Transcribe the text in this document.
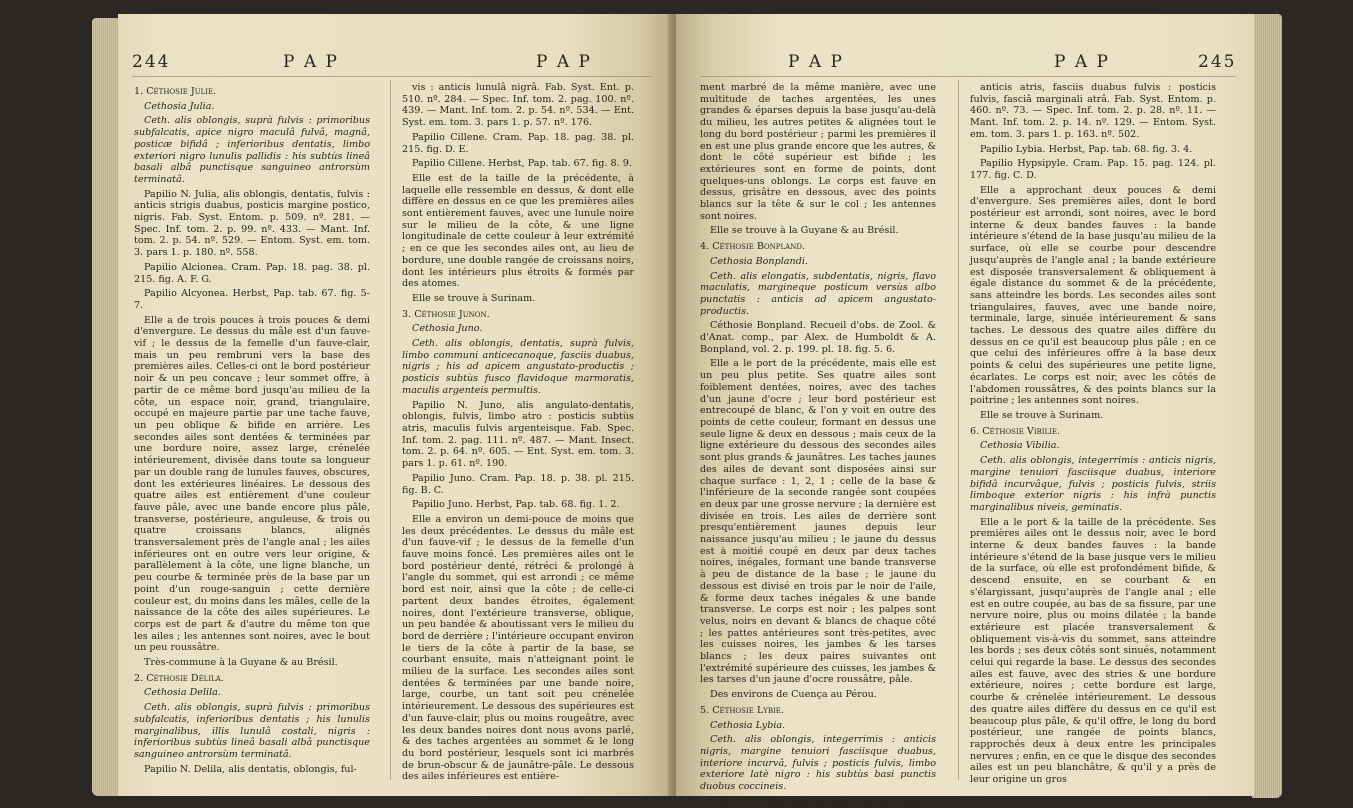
244	P A P	P A P

1. Céthosie Julie.

Cethosia Julia.

Ceth. alis oblongis, suprà fulvis : primoribus subfalcatis, apice nigro maculâ fulvâ, magnâ, posticæ bifidâ ; inferioribus dentatis, limbo exteriori nigro lunulis pallidis : his subtùs lineâ basali albâ punctisque sanguineo antrorsùm terminatâ.

Papilio N. Julia, alis oblongis, dentatis, fulvis : anticis strigis duabus, posticis margine postico, nigris. Fab. Syst. Entom. p. 509. nº. 281. — Spec. Inf. tom. 2. p. 99. nº. 433. — Mant. Inf. tom. 2. p. 54. nº. 529. — Entom. Syst. em. tom. 3. pars 1. p. 180. nº. 558.

Papilio Alcionea. Cram. Pap. 18. pag. 38. pl. 215. fig. A. F. G.

Papilio Alcyonea. Herbst, Pap. tab. 67. fig. 5-7.

Elle a de trois pouces à trois pouces & demi d'envergure. Le dessus du mâle est d'un fauve-vif ; le dessus de la femelle d'un fauve-clair, mais un peu rembruni vers la base des premières ailes. Celles-ci ont le bord postérieur noir & un peu concave ; leur sommet offre, à partir de ce même bord jusqu'au milieu de la côte, un espace noir, grand, triangulaire, occupé en majeure partie par une tache fauve, un peu oblique & bifide en arrière. Les secondes ailes sont dentées & terminées par une bordure noire, assez large, crénelée intérieurement, divisée dans toute sa longueur par un double rang de lunules fauves, obscures, dont les extérieures linéaires. Le dessous des quatre ailes est entièrement d'une couleur fauve pâle, avec une bande encore plus pâle, transverse, postérieure, anguleuse, & trois ou quatre croissans blancs, alignés transversalement près de l'angle anal ; les ailes inférieures ont en outre vers leur origine, & parallèlement à la côte, une ligne blanche, un peu courbe & terminée près de la base par un point d'un rouge-sanguin ; cette dernière couleur est, du moins dans les mâles, celle de la naissance de la côte des ailes supérieures. Le corps est de part & d'autre du même ton que les ailes ; les antennes sont noires, avec le bout un peu roussâtre.

Très-commune à la Guyane & au Brésil.

2. Céthosie Délila.

Cethosia Delila.

Ceth. alis oblongis, suprà fulvis : primoribus subfalcatis, inferioribus dentatis ; his lunulis marginalibus, illis lunulâ costali, nigris : inferioribus subtùs lineâ basali albâ punctisque sanguineo antrorsùm terminatâ.

Papilio N. Delila, alis dentatis, oblongis, ful-

vis : anticis lunulâ nigrâ. Fab. Syst. Ent. p. 510. nº. 284. — Spec. Inf. tom. 2. pag. 100. nº. 439. — Mant. Inf. tom. 2. p. 54. nº. 534. — Ent. Syst. em. tom. 3. pars 1. p. 57. nº. 176.

Papilio Cillene. Cram. Pap. 18. pag. 38. pl. 215. fig. D. E.

Papilio Cillene. Herbst, Pap. tab. 67. fig. 8. 9.

Elle est de la taille de la précédente, à laquelle elle ressemble en dessus, & dont elle diffère en dessus en ce que les premières ailes sont entièrement fauves, avec une lunule noire sur le milieu de la côte, & une ligne longitudinale de cette couleur à leur extrémité ; en ce que les secondes ailes ont, au lieu de bordure, une double rangée de croissans noirs, dont les intérieurs plus étroits & formés par des atomes.

Elle se trouve à Surinam.

3. Céthosie Junon.

Cethosia Juno.

Ceth. alis oblongis, dentatis, suprà fulvis, limbo communi anticecanoque, fasciis duabus, nigris ; his ad apicem angustato-productis ; posticis subtùs fusco flavidoque marmoratis, maculis argenteis permultis.

Papilio N. Juno, alis angulato-dentatis, oblongis, fulvis, limbo atro : posticis subtùs atris, maculis fulvis argenteisque. Fab. Spec. Inf. tom. 2. pag. 111. nº. 487. — Mant. Insect. tom. 2. p. 64. nº. 605. — Ent. Syst. em. tom. 3. pars 1. p. 61. nº. 190.

Papilio Juno. Cram. Pap. 18. p. 38. pl. 215. fig. B. C.

Papilio Juno. Herbst, Pap. tab. 68. fig. 1. 2.

Elle a environ un demi-pouce de moins que les deux précédentes. Le dessus du mâle est d'un fauve-vif ; le dessus de la femelle d'un fauve moins foncé. Les premières ailes ont le bord postérieur denté, rétréci & prolongé à l'angle du sommet, qui est arrondi ; ce même bord est noir, ainsi que la côte ; de celle-ci partent deux bandes étroites, également noires, dont l'extérieure transverse, oblique, un peu bandée & aboutissant vers le milieu du bord de derrière ; l'intérieure occupant environ le tiers de la côte à partir de la base, se courbant ensuite, mais n'atteignant point le milieu de la surface. Les secondes ailes sont dentées & terminées par une bande noire, large, courbe, un tant soit peu crénelée intérieurement. Le dessous des supérieures est d'un fauve-clair, plus ou moins rougeâtre, avec les deux bandes noires dont nous avons parlé, & des taches argentées au sommet & le long du bord postérieur, lesquels sont ici marbrés de brun-obscur & de jaunâtre-pâle. Le dessous des ailes inférieures est entière-

P A P	P A P	245

ment marbré de la même manière, avec une multitude de taches argentées, les unes grandes & éparses depuis la base jusqu'au-delà du milieu, les autres petites & alignées tout le long du bord postérieur ; parmi les premières il en est une plus grande encore que les autres, & dont le côté supérieur est bifide ; les extérieures sont en forme de points, dont quelques-uns oblongs. Le corps est fauve en dessus, grisâtre en dessous, avec des points blancs sur la tête & sur le col ; les antennes sont noires.

Elle se trouve à la Guyane & au Brésil.

4. Céthosie Bonpland.

Cethosia Bonplandi.

Ceth. alis elongatis, subdentatis, nigris, flavo maculatis, margineque posticum versùs albo punctatis : anticis ad apicem angustato-productis.

Céthosie Bonpland. Recueil d'obs. de Zool. & d'Anat. comp., par Alex. de Humboldt & A. Bonpland, vol. 2. p. 199. pl. 18. fig. 5. 6.

Elle a le port de la précédente, mais elle est un peu plus petite. Ses quatre ailes sont foiblement dentées, noires, avec des taches d'un jaune d'ocre ; leur bord postérieur est entrecoupé de blanc, & l'on y voit en outre des points de cette couleur, formant en dessus une seule ligne & deux en dessous ; mais ceux de la ligne extérieure du dessous des secondes ailes sont plus grands & jaunâtres. Les taches jaunes des ailes de devant sont disposées ainsi sur chaque surface : 1, 2, 1 ; celle de la base & l'inférieure de la seconde rangée sont coupées en deux par une grosse nervure ; la dernière est divisée en trois. Les ailes de derrière sont presqu'entièrement jaunes depuis leur naissance jusqu'au milieu ; le jaune du dessus est à moitié coupé en deux par deux taches noires, inégales, formant une bande transverse à peu de distance de la base ; le jaune du dessous est divisé en trois par le noir de l'aile, & forme deux taches inégales & une bande transverse. Le corps est noir ; les palpes sont velus, noirs en devant & blancs de chaque côté ; les pattes antérieures sont très-petites, avec les cuisses noires, les jambes & les tarses blancs ; les deux paires suivantes ont l'extrémité supérieure des cuisses, les jambes & les tarses d'un jaune d'ocre roussâtre, pâle.

Des environs de Cuença au Pérou.

5. Céthosie Lybie.

Cethosia Lybia.

Ceth. alis oblongis, integerrimis : anticis nigris, margine tenuiori fasciisque duabus, interiore incurvâ, fulvis ; posticis fulvis, limbo exteriore latè nigro : his subtùs basi punctis duobus coccineis.

Papilio H. Lybia, alis oblongis, integerrimis :

anticis atris, fasciis duabus fulvis : posticis fulvis, fasciâ marginali atrâ. Fab. Syst. Entom. p. 460. nº. 73. — Spec. Inf. tom. 2. p. 28. nº. 11. — Mant. Inf. tom. 2. p. 14. nº. 129. — Entom. Syst. em. tom. 3. pars 1. p. 163. nº. 502.

Papilio Lybia. Herbst, Pap. tab. 68. fig. 3. 4.

Papilio Hypsipyle. Cram. Pap. 15. pag. 124. pl. 177. fig. C. D.

Elle a approchant deux pouces & demi d'envergure. Ses premières ailes, dont le bord postérieur est arrondi, sont noires, avec le bord interne & deux bandes fauves : la bande intérieure s'étend de la base jusqu'au milieu de la surface, où elle se courbe pour descendre jusqu'auprès de l'angle anal ; la bande extérieure est disposée transversalement & obliquement à égale distance du sommet & de la précédente, sans atteindre les bords. Les secondes ailes sont triangulaires, fauves, avec une bande noire, terminale, large, sinuée intérieurement & sans taches. Le dessous des quatre ailes diffère du dessus en ce qu'il est beaucoup plus pâle ; en ce que celui des inférieures offre à la base deux points & celui des supérieures une petite ligne, écarlates. Le corps est noir, avec les côtés de l'abdomen roussâtres, & des points blancs sur la poitrine ; les antennes sont noires.

Elle se trouve à Surinam.

6. Céthosie Vibilie.

Cethosia Vibilia.

Ceth. alis oblongis, integerrimis : anticis nigris, margine tenuiori fasciisque duabus, interiore bifidâ incurvâque, fulvis ; posticis fulvis, striis limboque exterior nigris : his infrà punctis marginalibus niveis, geminatis.

Elle a le port & la taille de la précédente. Ses premières ailes ont le dessus noir, avec le bord interne & deux bandes fauves : la bande intérieure s'étend de la base jusque vers le milieu de la surface, où elle est profondément bifide, & descend ensuite, en se courbant & en s'élargissant, jusqu'auprès de l'angle anal ; elle est en outre coupée, au bas de sa fissure, par une nervure noire, plus ou moins dilatée ; la bande extérieure est placée transversalement & obliquement vis-à-vis du sommet, sans atteindre les bords ; ses deux côtés sont sinués, notamment celui qui regarde la base. Le dessus des secondes ailes est fauve, avec des stries & une bordure extérieure, noires ; cette bordure est large, courbe & crénelée intérieurement. Le dessous des quatre ailes diffère du dessus en ce qu'il est beaucoup plus pâle, & qu'il offre, le long du bord postérieur, une rangée de points blancs, rapprochés deux à deux entre les principales nervures ; enfin, en ce que le disque des secondes ailes est un peu blanchâtre, & qu'il y a près de leur origine un gros
